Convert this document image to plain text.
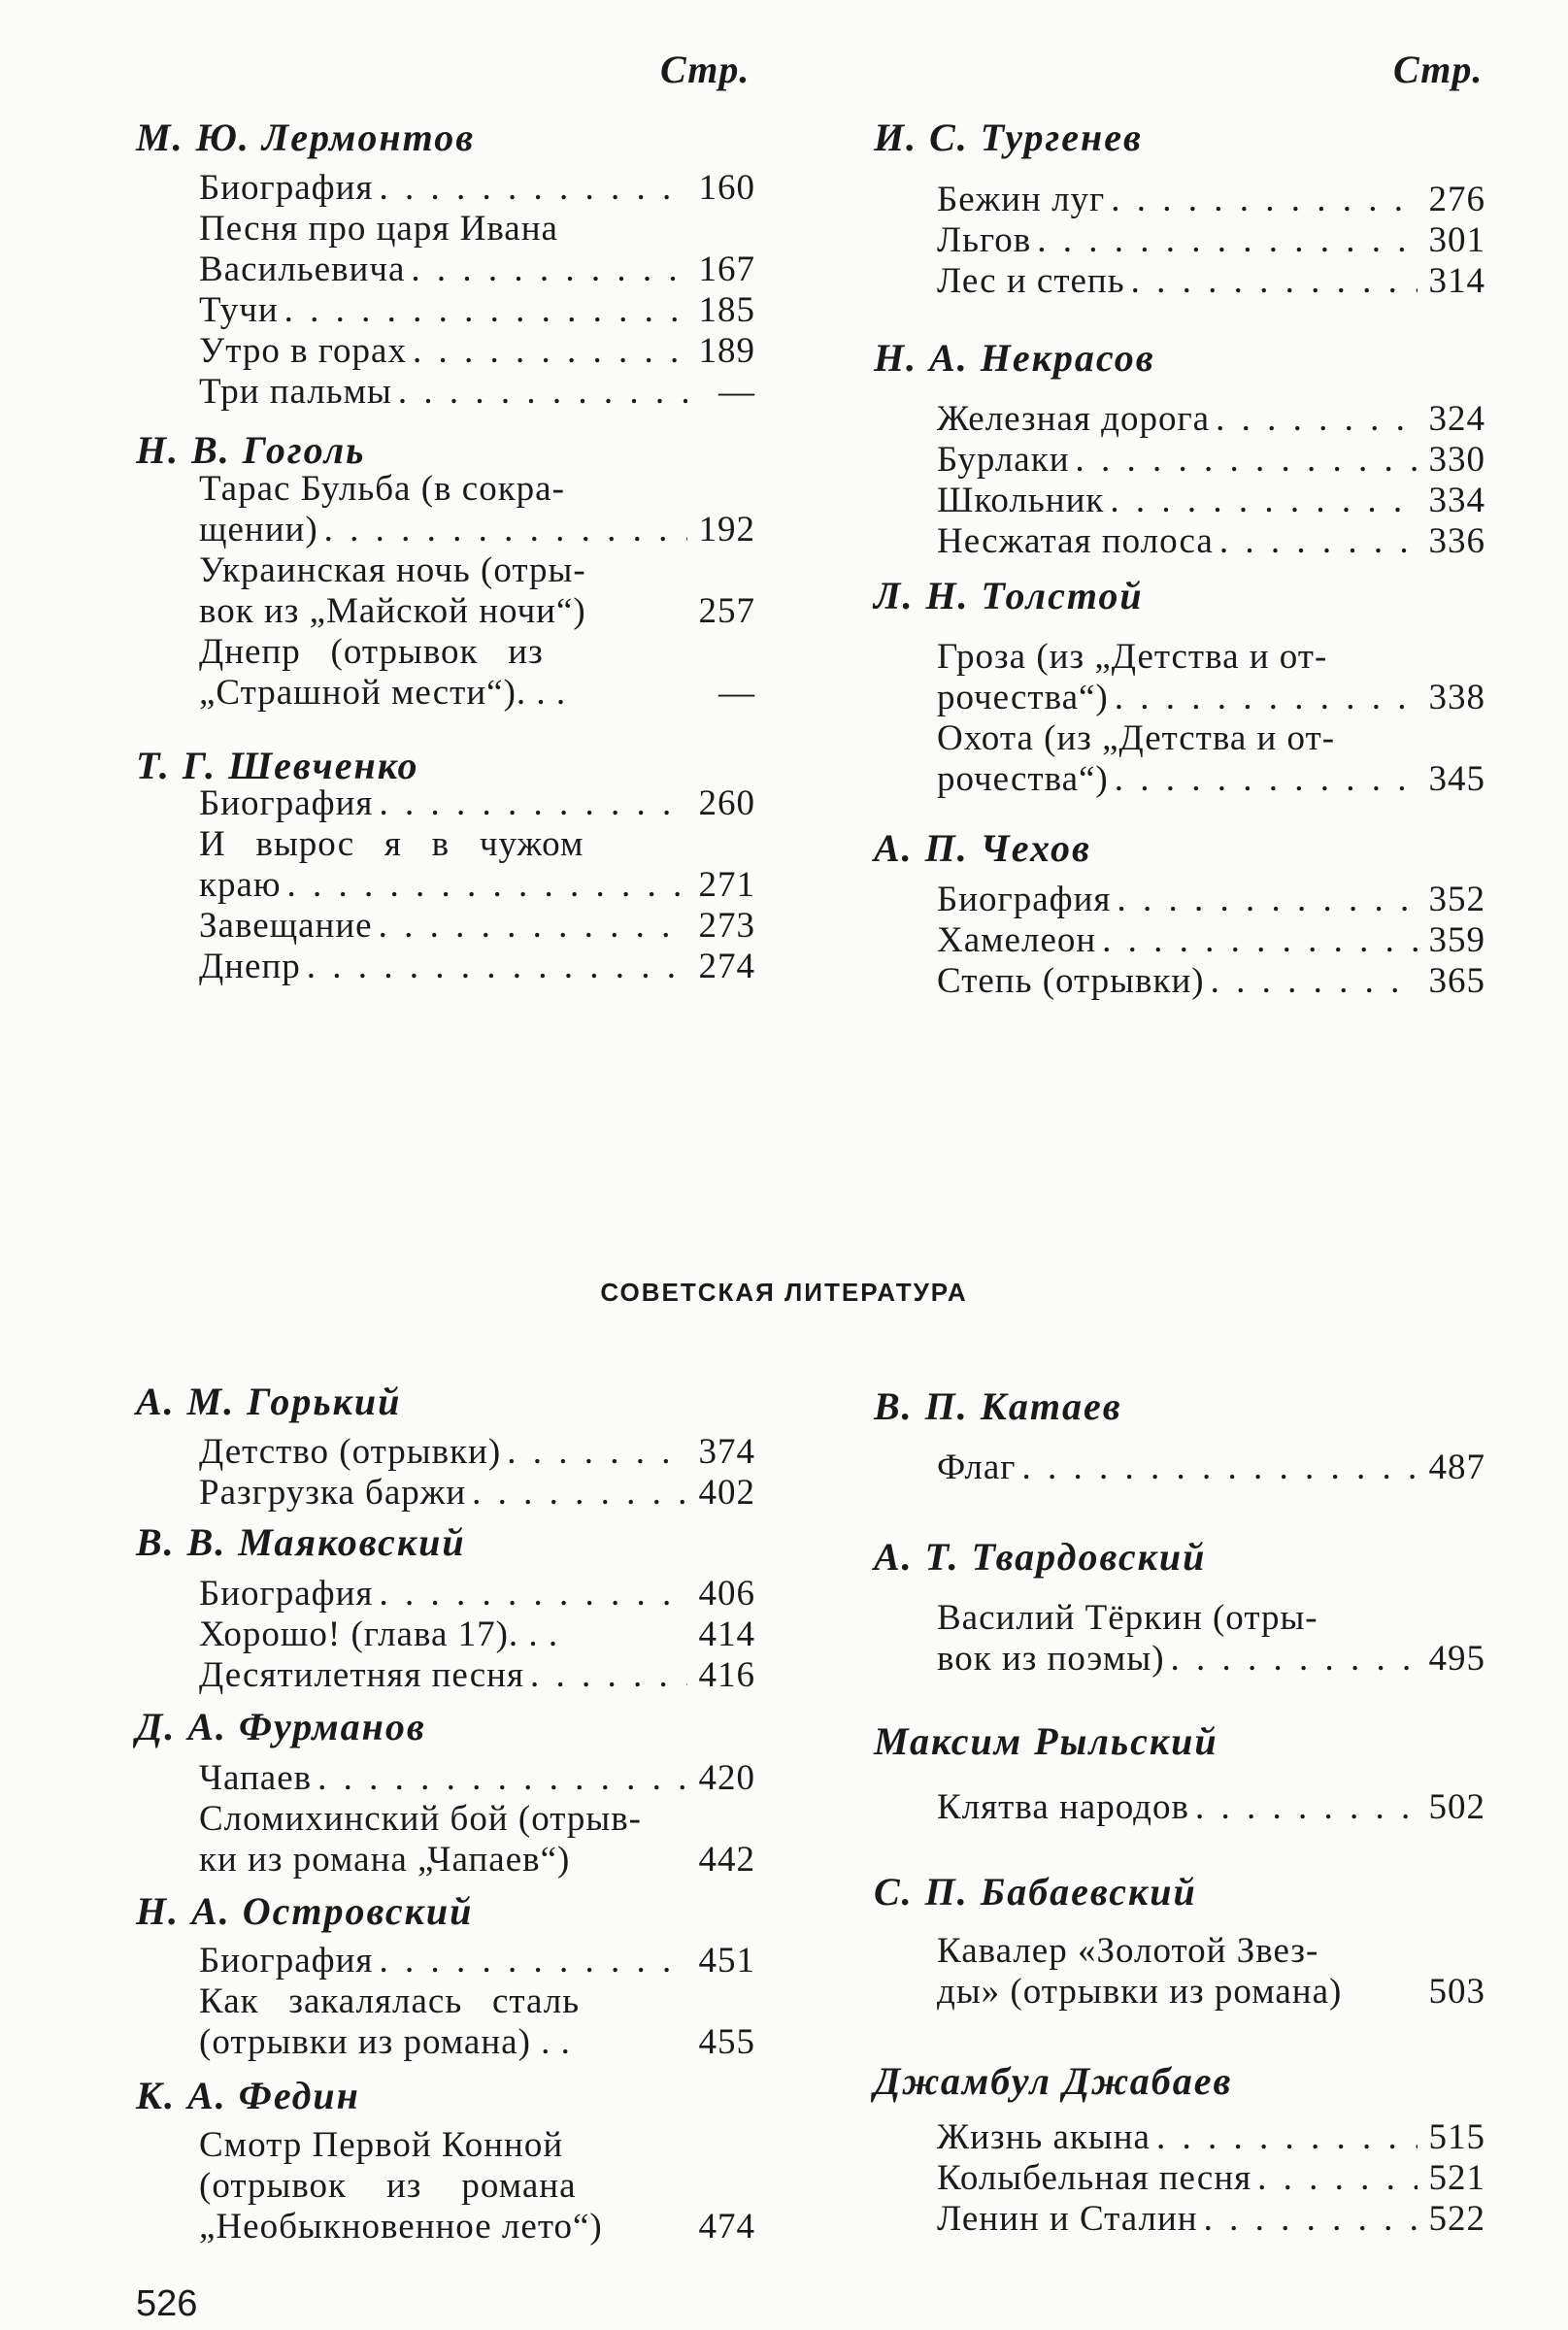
Стр.	Стр.
М. Ю. Лермонтов
Биография . . .	160
Песня про царя Ивана
Васильевича . . .	167
Тучи . . .	185
Утро в горах . . .	189
Три пальмы . . .	—
Н. В. Гоголь
Тарас Бульба (в сокра-
щении) . . .	192
Украинская ночь (отры-
вок из „Майской ночи“)	257
Днепр   (отрывок   из
„Страшной мести“). . .	—
Т. Г. Шевченко
Биография . . .	260
И   вырос   я   в   чужом
краю . . .	271
Завещание . . .	273
Днепр . . .	274
И. С. Тургенев
Бежин луг . . .	276
Льгов . . .	301
Лес и степь . . .	314
Н. А. Некрасов
Железная дорога . . .	324
Бурлаки . . .	330
Школьник . . .	334
Несжатая полоса . . .	336
Л. Н. Толстой
Гроза (из „Детства и от-
рочества“) . . .	338
Охота (из „Детства и от-
рочества“) . . .	345
А. П. Чехов
Биография . . .	352
Хамелеон . . .	359
Степь (отрывки) . . .	365
СОВЕТСКАЯ ЛИТЕРАТУРА
А. М. Горький
Детство (отрывки) . . .	374
Разгрузка баржи . . .	402
В. В. Маяковский
Биография . . .	406
Хорошо! (глава 17). . .	414
Десятилетняя песня . . .	416
Д. А. Фурманов
Чапаев . . .	420
Сломихинский бой (отрыв-
ки из романа „Чапаев“)	442
Н. А. Островский
Биография . . .	451
Как   закалялась   сталь
(отрывки из романа) . .	455
К. А. Федин
Смотр Первой Конной
(отрывок    из    романа
„Необыкновенное лето“)	474
В. П. Катаев
Флаг . . .	487
А. Т. Твардовский
Василий Тёркин (отры-
вок из поэмы) . . .	495
Максим Рыльский
Клятва народов . . .	502
С. П. Бабаевский
Кавалер «Золотой Звез-
ды» (отрывки из романа) 503
Джамбул Джабаев
Жизнь акына . . .	515
Колыбельная песня . . .	521
Ленин и Сталин . . .	522
526
